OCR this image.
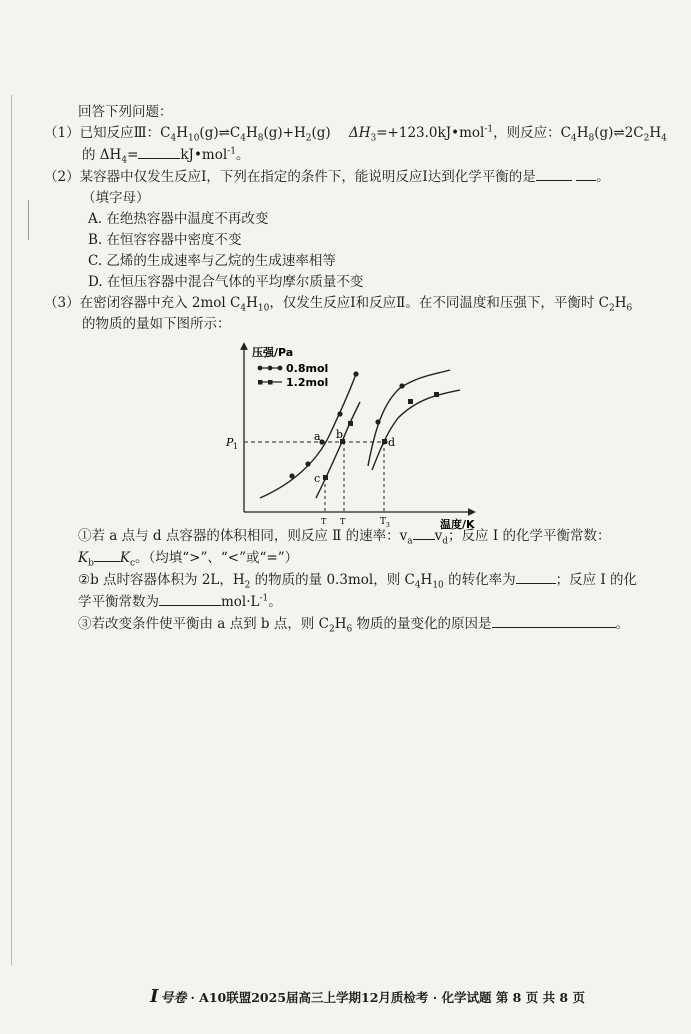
回答下列问题：
（1）已知反应Ⅲ：$C_4H_{10}(g)\rightleftharpoons C_4H_8(g)+H_2(g)$ $\Delta H_3=+123.0kJ•mol^{-1}$，则反应：$C_4H_8(g)\rightleftharpoons 2C_2H_4$
的 $\Delta H_4=$	kJ•mol$^{-1}$。
（2）某容器中仅发生反应Ⅰ，下列在指定的条件下，能说明反应Ⅰ达到化学平衡的是	。
（填字母）
A. 在绝热容器中温度不再改变
B. 在恒容容器中密度不变
C. 乙烯的生成速率与乙烷的生成速率相等
D. 在恒压容器中混合气体的平均摩尔质量不变
（3）在密闭容器中充入 2mol $C_4H_{10}$，仅发生反应Ⅰ和反应Ⅱ。在不同温度和压强下，平衡时 $C_2H_6$
的物质的量如下图所示：
①若 a 点与 d 点容器的体积相同，则反应 Ⅱ 的速率：$v_a$ $v_d$；反应 Ⅰ 的化学平衡常数：
$K_b$ $K_c$。（均填“>”、“<”或“=”）
②b 点时容器体积为 2L，$H_2$ 的物质的量 0.3mol，则 $C_4H_{10}$ 的转化率为	；反应 Ⅰ 的化
学平衡常数为	$mol\cdot L^{-1}$。
③若改变条件使平衡由 a 点到 b 点，则 $C_2H_6$ 物质的量变化的原因是	。
压强/Pa
温度/K
0.8mol
1.2mol
P 1
a b
c
d
T T	T 3
I 号卷 · A10联盟2025届高三上学期12月质检考 · 化学试题 第 8 页 共 8 页
